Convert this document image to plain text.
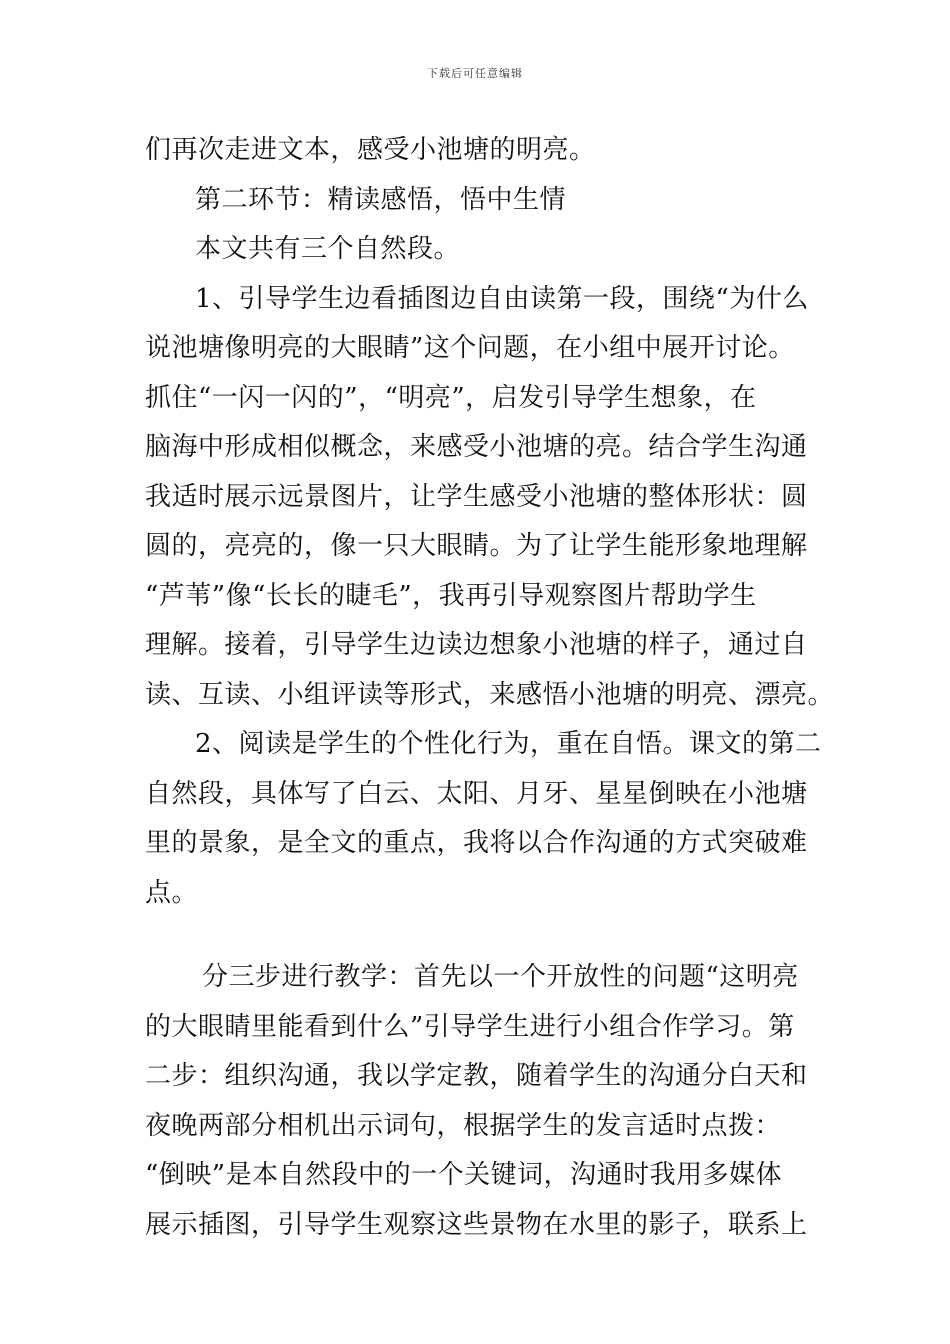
下载后可任意编辑
们再次走进文本，感受小池塘的明亮。
第二环节：精读感悟，悟中生情
本文共有三个自然段。
1、引导学生边看插图边自由读第一段，围绕“为什么
说池塘像明亮的大眼睛”这个问题，在小组中展开讨论。
抓住“一闪一闪的”，“明亮”，启发引导学生想象，在
脑海中形成相似概念，来感受小池塘的亮。结合学生沟通
我适时展示远景图片，让学生感受小池塘的整体形状：圆
圆的，亮亮的，像一只大眼睛。为了让学生能形象地理解
“芦苇”像“长长的睫毛”，我再引导观察图片帮助学生
理解。接着，引导学生边读边想象小池塘的样子，通过自
读、互读、小组评读等形式，来感悟小池塘的明亮、漂亮。
2、阅读是学生的个性化行为，重在自悟。课文的第二
自然段，具体写了白云、太阳、月牙、星星倒映在小池塘
里的景象，是全文的重点，我将以合作沟通的方式突破难
点。
分三步进行教学：首先以一个开放性的问题“这明亮
的大眼睛里能看到什么”引导学生进行小组合作学习。第
二步：组织沟通，我以学定教，随着学生的沟通分白天和
夜晚两部分相机出示词句，根据学生的发言适时点拨：
“倒映”是本自然段中的一个关键词，沟通时我用多媒体
展示插图，引导学生观察这些景物在水里的影子，联系上
